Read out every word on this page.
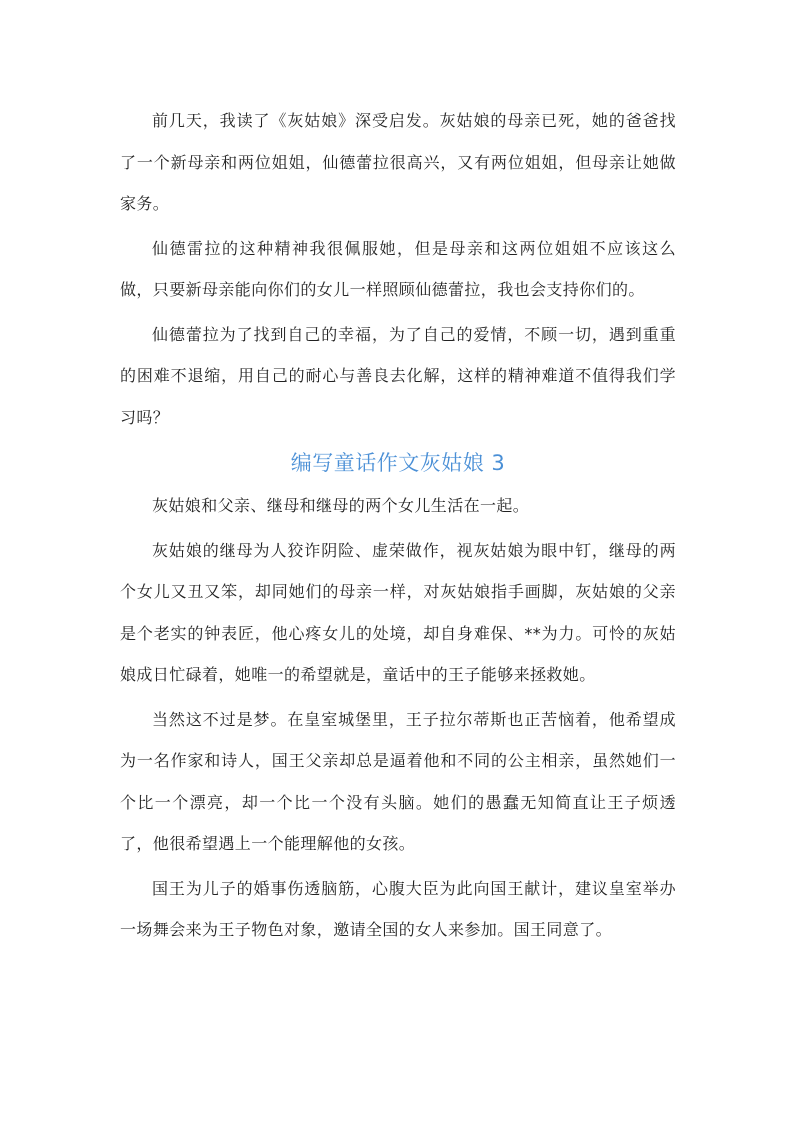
前几天，我读了《灰姑娘》深受启发。灰姑娘的母亲已死，她的爸爸找了一个新母亲和两位姐姐，仙德蕾拉很高兴，又有两位姐姐，但母亲让她做家务。

仙德雷拉的这种精神我很佩服她，但是母亲和这两位姐姐不应该这么做，只要新母亲能向你们的女儿一样照顾仙德蕾拉，我也会支持你们的。

仙德蕾拉为了找到自己的幸福，为了自己的爱情，不顾一切，遇到重重的困难不退缩，用自己的耐心与善良去化解，这样的精神难道不值得我们学习吗？

编写童话作文灰姑娘 3

灰姑娘和父亲、继母和继母的两个女儿生活在一起。

灰姑娘的继母为人狡诈阴险、虚荣做作，视灰姑娘为眼中钉，继母的两个女儿又丑又笨，却同她们的母亲一样，对灰姑娘指手画脚，灰姑娘的父亲是个老实的钟表匠，他心疼女儿的处境，却自身难保、**为力。可怜的灰姑娘成日忙碌着，她唯一的希望就是，童话中的王子能够来拯救她。

当然这不过是梦。在皇室城堡里，王子拉尔蒂斯也正苦恼着，他希望成为一名作家和诗人，国王父亲却总是逼着他和不同的公主相亲，虽然她们一个比一个漂亮，却一个比一个没有头脑。她们的愚蠢无知简直让王子烦透了，他很希望遇上一个能理解他的女孩。

国王为儿子的婚事伤透脑筋，心腹大臣为此向国王献计，建议皇室举办一场舞会来为王子物色对象，邀请全国的女人来参加。国王同意了。
